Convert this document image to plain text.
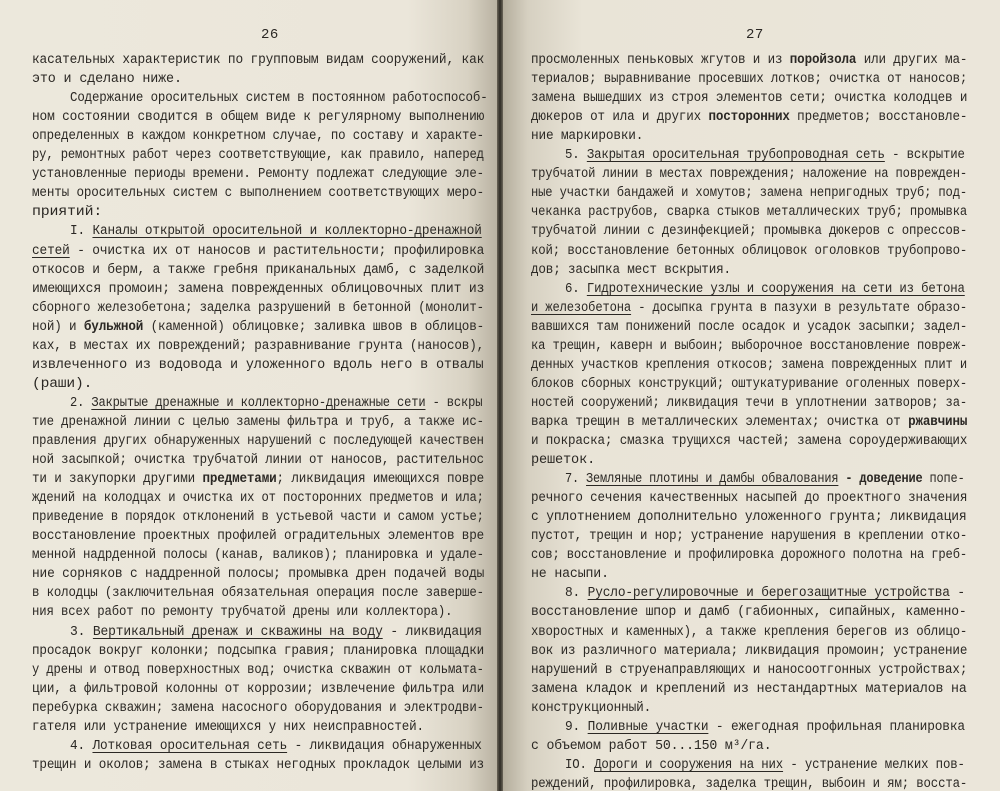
26
касательных характеристик по групповым видам сооружений, как
это и сделано ниже.
Содержание оросительных систем в постоянном работоспособ-
ном состоянии сводится в общем виде к регулярному выполнению
определенных в каждом конкретном случае, по составу и характе-
ру, ремонтных работ через соответствующие, как правило, наперед
установленные периоды времени. Ремонту подлежат следующие эле-
менты оросительных систем с выполнением соответствующих меро-
приятий:
I. Каналы открытой оросительной и коллекторно-дренажной
сетей - очистка их от наносов и растительности; профилировка
откосов и берм, а также гребня приканальных дамб, с заделкой
имеющихся промоин; замена поврежденных облицовочных плит из
сборного железобетона; заделка разрушений в бетонной (монолит-
ной) и бульжной (каменной) облицовке; заливка швов в облицов-
ках, в местах их повреждений; разравнивание грунта (наносов),
извлеченного из водовода и уложенного вдоль него в отвалы
(раши).
2. Закрытые дренажные и коллекторно-дренажные сети - вскры
тие дренажной линии с целью замены фильтра и труб, а также ис-
правления других обнаруженных нарушений с последующей качествен
ной засыпкой; очистка трубчатой линии от наносов, растительнос
ти и закупорки другими предметами; ликвидация имеющихся повре
ждений на колодцах и очистка их от посторонних предметов и ила;
приведение в порядок отклонений в устьевой части и самом устье;
восстановление проектных профилей оградительных элементов вре
менной надрденной полосы (канав, валиков); планировка и удале-
ние сорняков с наддренной полосы; промывка дрен подачей воды
в колодцы (заключительная обязательная операция после заверше-
ния всех работ по ремонту трубчатой дрены или коллектора).
3. Вертикальный дренаж и скважины на воду - ликвидация
просадок вокруг колонки; подсыпка гравия; планировка площадки
у дрены и отвод поверхностных вод; очистка скважин от кольмата-
ции, а фильтровой колонны от коррозии; извлечение фильтра или
перебурка скважин; замена насосного оборудования и электродви-
гателя или устранение имеющихся у них неисправностей.
4. Лотковая оросительная сеть - ликвидация обнаруженных
трещин и околов; замена в стыках негодных прокладок целыми из
27
просмоленных пеньковых жгутов и из поройзола или других ма-
териалов; выравнивание просевших лотков; очистка от наносов;
замена вышедших из строя элементов сети; очистка колодцев и
дюкеров от ила и других посторонних предметов; восстановле-
ние маркировки.
5. Закрытая оросительная трубопроводная сеть - вскрытие
трубчатой линии в местах повреждения; наложение на поврежден-
ные участки бандажей и хомутов; замена непригодных труб; под-
чеканка раструбов, сварка стыков металлических труб; промывка
трубчатой линии с дезинфекцией; промывка дюкеров с опрессов-
кой; восстановление бетонных облицовок оголовков трубопрово-
дов; засыпка мест вскрытия.
6. Гидротехнические узлы и сооружения на сети из бетона
и железобетона - досыпка грунта в пазухи в результате образо-
вавшихся там понижений после осадок и усадок засыпки; задел-
ка трещин, каверн и выбоин; выборочное восстановление повреж-
денных участков крепления откосов; замена поврежденных плит и
блоков сборных конструкций; оштукатуривание оголенных поверх-
ностей сооружений; ликвидация течи в уплотнении затворов; за-
варка трещин в металлических элементах; очистка от ржавчины
и покраска; смазка трущихся частей; замена сороудерживающих
решеток.
7. Земляные плотины и дамбы обвалования - доведение попе-
речного сечения качественных насыпей до проектного значения
с уплотнением дополнительно уложенного грунта; ликвидация
пустот, трещин и нор; устранение нарушения в креплении отко-
сов; восстановление и профилировка дорожного полотна на греб-
не насыпи.
8. Русло-регулировочные и берегозащитные устройства -
восстановление шпор и дамб (габионных, сипайных, каменно-
хворостных и каменных), а также крепления берегов из облицо-
вок из различного материала; ликвидация промоин; устранение
нарушений в струенаправляющих и наносоотгонных устройствах;
замена кладок и креплений из нестандартных материалов на
конструкционный.
9. Поливные участки - ежегодная профильная планировка
с объемом работ 50...150 м³/га.
IO. Дороги и сооружения на них - устранение мелких пов-
реждений, профилировка, заделка трещин, выбоин и ям; восста-
